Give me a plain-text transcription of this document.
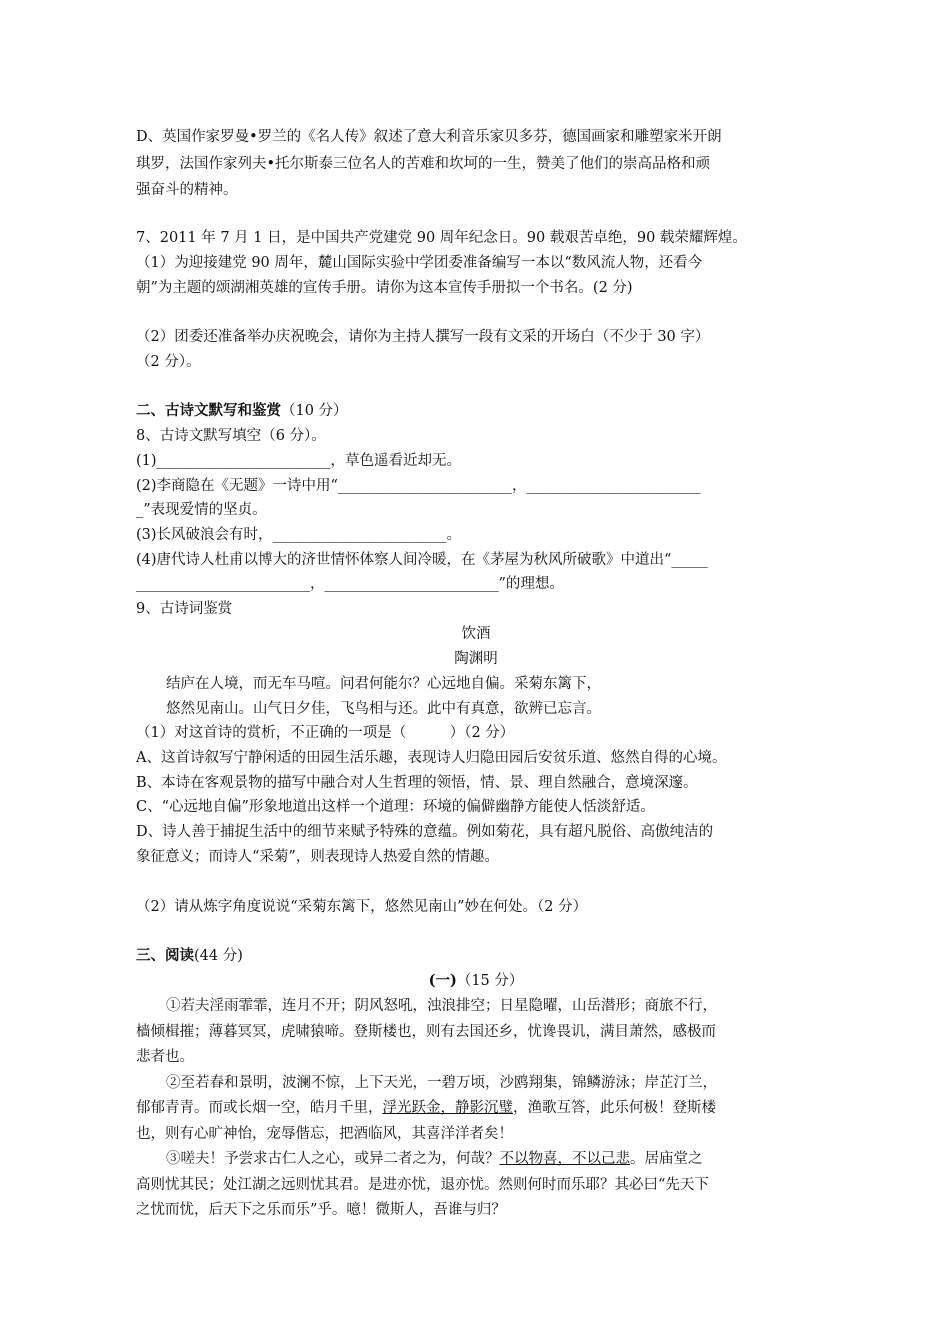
D、英国作家罗曼•罗兰的《名人传》叙述了意大利音乐家贝多芬，德国画家和雕塑家米开朗
琪罗，法国作家列夫•托尔斯泰三位名人的苦难和坎坷的一生，赞美了他们的崇高品格和顽
强奋斗的精神。
7、2011 年 7 月 1 日，是中国共产党建党 90 周年纪念日。90 载艰苦卓绝，90 载荣耀辉煌。
（1）为迎接建党 90 周年，麓山国际实验中学团委准备编写一本以“数风流人物，还看今
朝”为主题的颂湖湘英雄的宣传手册。请你为这本宣传手册拟一个书名。(2 分)
（2）团委还准备举办庆祝晚会，请你为主持人撰写一段有文采的开场白（不少于 30 字）
（2 分）。
二、古诗文默写和鉴赏（10 分）
8、古诗文默写填空（6 分）。
(1)________________________，草色遥看近却无。
(2)李商隐在《无题》一诗中用“________________________，________________________
_”表现爱情的坚贞。
(3)长风破浪会有时，________________________。
(4)唐代诗人杜甫以博大的济世情怀体察人间冷暖，在《茅屋为秋风所破歌》中道出“_____
________________________，________________________”的理想。
9、古诗词鉴赏
饮酒
陶渊明
结庐在人境，而无车马喧。问君何能尔？心远地自偏。采菊东篱下，
悠然见南山。山气日夕佳，飞鸟相与还。此中有真意，欲辨已忘言。
（1）对这首诗的赏析，不正确的一项是（　　　）（2 分）
A、这首诗叙写宁静闲适的田园生活乐趣，表现诗人归隐田园后安贫乐道、悠然自得的心境。
B、本诗在客观景物的描写中融合对人生哲理的领悟，情、景、理自然融合，意境深邃。
C、“心远地自偏”形象地道出这样一个道理：环境的偏僻幽静方能使人恬淡舒适。
D、诗人善于捕捉生活中的细节来赋予特殊的意蕴。例如菊花，具有超凡脱俗、高傲纯洁的
象征意义；而诗人“采菊”，则表现诗人热爱自然的情趣。
（2）请从炼字角度说说“采菊东篱下，悠然见南山”妙在何处。（2 分）
三、阅读(44 分)
(一)（15 分）
①若夫淫雨霏霏，连月不开；阴风怒吼，浊浪排空；日星隐曜，山岳潜形；商旅不行，
樯倾楫摧；薄暮冥冥，虎啸猿啼。登斯楼也，则有去国还乡，忧谗畏讥，满目萧然，感极而
悲者也。
②至若春和景明，波澜不惊，上下天光，一碧万顷，沙鸥翔集，锦鳞游泳；岸芷汀兰，
郁郁青青。而或长烟一空，皓月千里，浮光跃金，静影沉璧，渔歌互答，此乐何极！登斯楼
也，则有心旷神怡，宠辱偕忘，把酒临风，其喜洋洋者矣！
③嗟夫！予尝求古仁人之心，或异二者之为，何哉？不以物喜，不以己悲。居庙堂之
高则忧其民；处江湖之远则忧其君。是进亦忧，退亦忧。然则何时而乐耶？其必曰“先天下
之忧而忧，后天下之乐而乐”乎。噫！微斯人，吾谁与归？
